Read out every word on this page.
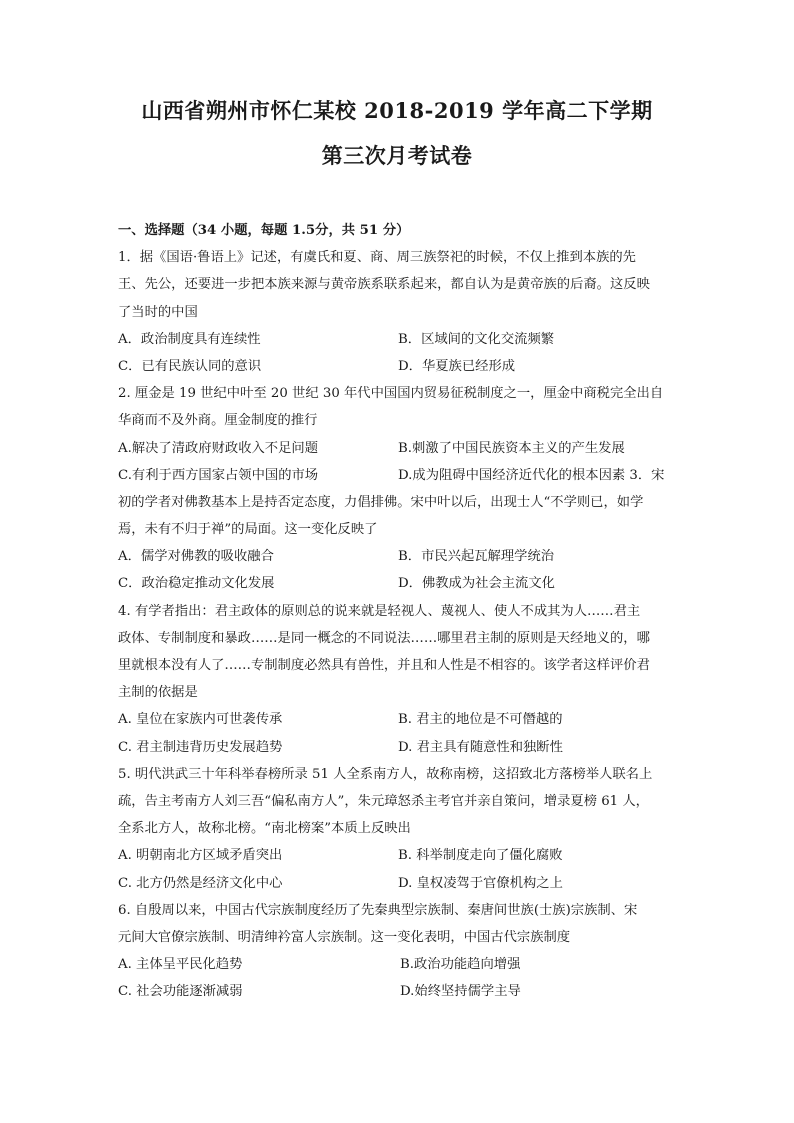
山西省朔州市怀仁某校 2018-2019 学年高二下学期
第三次月考试卷
一、选择题（34 小题，每题 1.5分，共 51 分）
1．据《国语·鲁语上》记述，有虞氏和夏、商、周三族祭祀的时候，不仅上推到本族的先
王、先公，还要进一步把本族来源与黄帝族系联系起来，都自认为是黄帝族的后裔。这反映
了当时的中国
A．政治制度具有连续性	B．区域间的文化交流频繁
C．已有民族认同的意识	D．华夏族已经形成
2. 厘金是 19 世纪中叶至 20 世纪 30 年代中国国内贸易征税制度之一，厘金中商税完全出自
华商而不及外商。厘金制度的推行
A.解决了清政府财政收入不足问题	B.刺激了中国民族资本主义的产生发展
C.有利于西方国家占领中国的市场	D.成为阻碍中国经济近代化的根本因素 3．宋
初的学者对佛教基本上是持否定态度，力倡排佛。宋中叶以后，出现士人“不学则已，如学
焉，未有不归于禅”的局面。这一变化反映了
A．儒学对佛教的吸收融合	B．市民兴起瓦解理学统治
C．政治稳定推动文化发展	D．佛教成为社会主流文化
4. 有学者指出：君主政体的原则总的说来就是轻视人、蔑视人、使人不成其为人……君主
政体、专制制度和暴政……是同一概念的不同说法……哪里君主制的原则是天经地义的，哪
里就根本没有人了……专制制度必然具有兽性，并且和人性是不相容的。该学者这样评价君
主制的依据是
A. 皇位在家族内可世袭传承	B. 君主的地位是不可僭越的
C. 君主制违背历史发展趋势	D. 君主具有随意性和独断性
5. 明代洪武三十年科举春榜所录 51 人全系南方人，故称南榜，这招致北方落榜举人联名上
疏，告主考南方人刘三吾“偏私南方人”，朱元璋怒杀主考官并亲自策问，增录夏榜 61 人，
全系北方人，故称北榜。“南北榜案”本质上反映出
A. 明朝南北方区域矛盾突出	B. 科举制度走向了僵化腐败
C. 北方仍然是经济文化中心	D. 皇权凌驾于官僚机构之上
6. 自殷周以来，中国古代宗族制度经历了先秦典型宗族制、秦唐间世族(士族)宗族制、宋
元间大官僚宗族制、明清绅衿富人宗族制。这一变化表明，中国古代宗族制度
A. 主体呈平民化趋势	B.政治功能趋向增强
C. 社会功能逐渐减弱	D.始终坚持儒学主导
